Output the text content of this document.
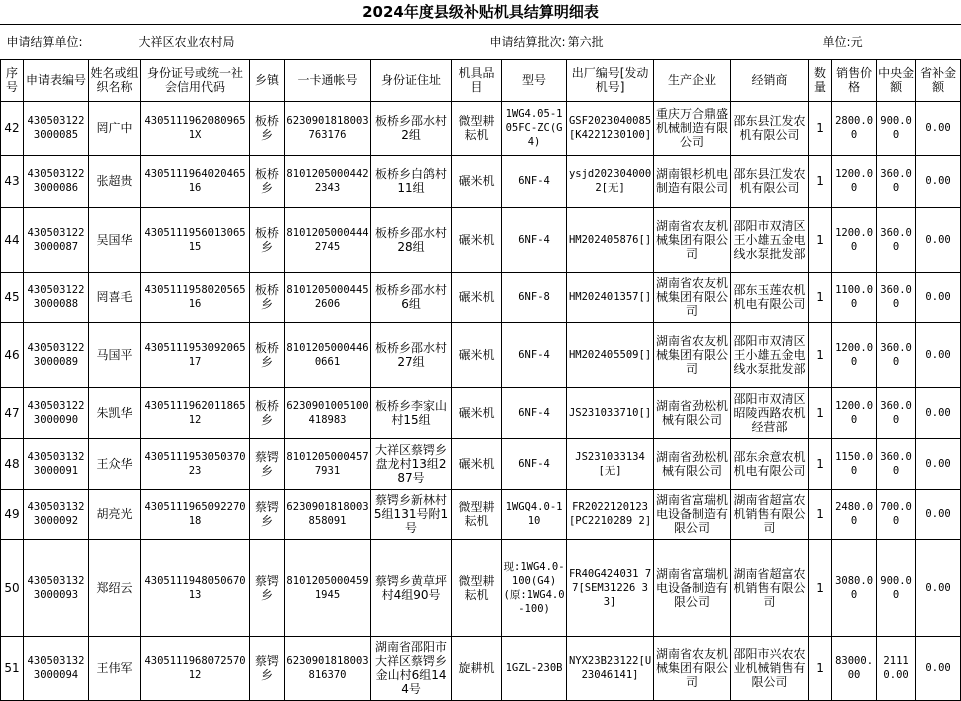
2024年度县级补贴机具结算明细表
申请结算单位:		大祥区农业农村局			申请结算批次:				第六批			单位:元			
序号	申请表编号	姓名或组织名称	身份证号或统一社会信用代码	乡镇	一卡通帐号	身份证住址	机具品目	型号	出厂编号[发动机号]	生产企业	经销商	数量	销售价格	中央金额	省补金额
42	4305031223000085	罔广中	43051119620809651X	板桥乡	6230901818003763176	板桥乡邵水村2组	微型耕耘机	1WG4.05-105FC-ZC(G4)	GSF2023040085[K4221230100]	重庆万合鼎盛机械制造有限公司	邵东县江发农机有限公司	1	2800.00	900.00	0.00
43	4305031223000086	张超贵	430511196402046516	板桥乡	81012050004422343	板桥乡白鸽村11组	碾米机	6NF-4	ysjd2023040002[无]	湖南银杉机电制造有限公司	邵东县江发农机有限公司	1	1200.00	360.00	0.00
44	4305031223000087	吴国华	430511195601306515	板桥乡	81012050004442745	板桥乡邵水村28组	碾米机	6NF-4	HM202405876[]	湖南省农友机械集团有限公司	邵阳市双清区王小雄五金电线水泵批发部	1	1200.00	360.00	0.00
45	4305031223000088	罔喜毛	430511195802056516	板桥乡	81012050004452606	板桥乡邵水村6组	碾米机	6NF-8	HM202401357[]	湖南省农友机械集团有限公司	邵东玉莲农机机电有限公司	1	1100.00	360.00	0.00
46	4305031223000089	马国平	430511195309206517	板桥乡	81012050004460661	板桥乡邵水村27组	碾米机	6NF-4	HM202405509[]	湖南省农友机械集团有限公司	邵阳市双清区王小雄五金电线水泵批发部	1	1200.00	360.00	0.00
47	4305031223000090	朱凯华	430511196201186512	板桥乡	6230901005100418983	板桥乡李家山村15组	碾米机	6NF-4	JS231033710[]	湖南省劲松机械有限公司	邵阳市双清区昭陵西路农机经营部	1	1200.00	360.00	0.00
48	4305031323000091	王众华	430511195305037023	蔡锷乡	81012050004577931	大祥区蔡锷乡盘龙村13组287号	碾米机	6NF-4	JS231033134[无]	湖南省劲松机械有限公司	邵东余意农机机电有限公司	1	1150.00	360.00	0.00
49	4305031323000092	胡亮光	430511196509227018	蔡锷乡	6230901818003858091	蔡锷乡新林村5组131号附1号	微型耕耘机	1WGQ4.0-110	FR2022120123[PC2210289 2]	湖南省富瑞机电设备制造有限公司	湖南省超富农机销售有限公司	1	2480.00	700.00	0.00
50	4305031323000093	郑绍云	430511194805067013	蔡锷乡	81012050004591945	蔡锷乡黄草坪村4组90号	微型耕耘机	现:1WG4.0-100(G4)(原:1WG4.0-100)	FR40G424031 77[SEM31226 33]	湖南省富瑞机电设备制造有限公司	湖南省超富农机销售有限公司	1	3080.00	900.00	0.00
51	4305031323000094	王伟军	430511196807257012	蔡锷乡	6230901818003816370	湖南省邵阳市大祥区蔡锷乡金山村6组144号	旋耕机	1GZL-230B	NYX23B23122[U23046141]	湖南省农友机械集团有限公司	邵阳市兴农农业机械销售有限公司	1	83000.00	21110.00	0.00
